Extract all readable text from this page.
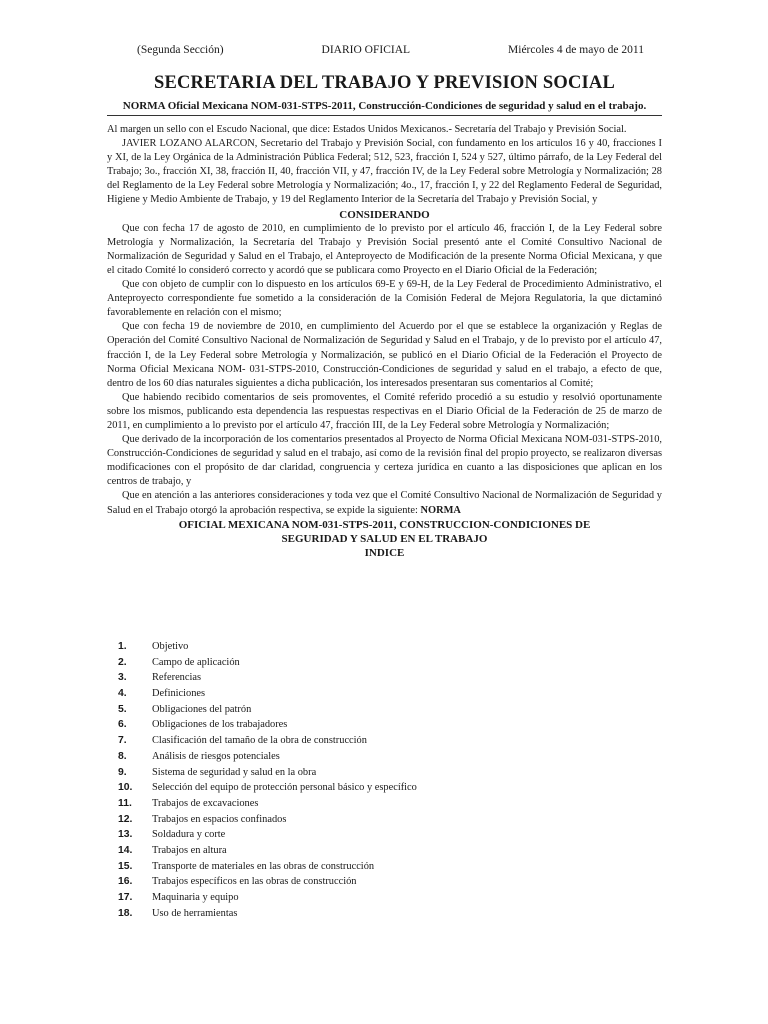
(Segunda Sección)	DIARIO OFICIAL	Miércoles 4 de mayo de 2011
SECRETARIA DEL TRABAJO Y PREVISION SOCIAL
NORMA Oficial Mexicana NOM-031-STPS-2011, Construcción-Condiciones de seguridad y salud en el trabajo.

Al margen un sello con el Escudo Nacional, que dice: Estados Unidos Mexicanos.- Secretaría del Trabajo y Previsión Social.

JAVIER LOZANO ALARCON, Secretario del Trabajo y Previsión Social, con fundamento en los artículos 16 y 40, fracciones I y XI, de la Ley Orgánica de la Administración Pública Federal; 512, 523, fracción I, 524 y 527, último párrafo, de la Ley Federal del Trabajo; 3o., fracción XI, 38, fracción II, 40, fracción VII, y 47, fracción IV, de la Ley Federal sobre Metrología y Normalización; 28 del Reglamento de la Ley Federal sobre Metrología y Normalización; 4o., 17, fracción I, y 22 del Reglamento Federal de Seguridad, Higiene y Medio Ambiente de Trabajo, y 19 del Reglamento Interior de la Secretaría del Trabajo y Previsión Social, y

CONSIDERANDO

Que con fecha 17 de agosto de 2010, en cumplimiento de lo previsto por el artículo 46, fracción I, de la Ley Federal sobre Metrología y Normalización, la Secretaría del Trabajo y Previsión Social presentó ante el Comité Consultivo Nacional de Normalización de Seguridad y Salud en el Trabajo, el Anteproyecto de Modificación de la presente Norma Oficial Mexicana, y que el citado Comité lo consideró correcto y acordó que se publicara como Proyecto en el Diario Oficial de la Federación;

Que con objeto de cumplir con lo dispuesto en los artículos 69-E y 69-H, de la Ley Federal de Procedimiento Administrativo, el Anteproyecto correspondiente fue sometido a la consideración de la Comisión Federal de Mejora Regulatoria, la que dictaminó favorablemente en relación con el mismo;

Que con fecha 19 de noviembre de 2010, en cumplimiento del Acuerdo por el que se establece la organización y Reglas de Operación del Comité Consultivo Nacional de Normalización de Seguridad y Salud en el Trabajo, y de lo previsto por el artículo 47, fracción I, de la Ley Federal sobre Metrología y Normalización, se publicó en el Diario Oficial de la Federación el Proyecto de Norma Oficial Mexicana NOM- 031-STPS-2010, Construcción-Condiciones de seguridad y salud en el trabajo, a efecto de que, dentro de los 60 días naturales siguientes a dicha publicación, los interesados presentaran sus comentarios al Comité;

Que habiendo recibido comentarios de seis promoventes, el Comité referido procedió a su estudio y resolvió oportunamente sobre los mismos, publicando esta dependencia las respuestas respectivas en el Diario Oficial de la Federación de 25 de marzo de 2011, en cumplimiento a lo previsto por el artículo 47, fracción III, de la Ley Federal sobre Metrología y Normalización;

Que derivado de la incorporación de los comentarios presentados al Proyecto de Norma Oficial Mexicana NOM-031-STPS-2010, Construcción-Condiciones de seguridad y salud en el trabajo, así como de la revisión final del propio proyecto, se realizaron diversas modificaciones con el propósito de dar claridad, congruencia y certeza jurídica en cuanto a las disposiciones que aplican en los centros de trabajo, y

Que en atención a las anteriores consideraciones y toda vez que el Comité Consultivo Nacional de Normalización de Seguridad y Salud en el Trabajo otorgó la aprobación respectiva, se expide la siguiente: NORMA

OFICIAL MEXICANA NOM-031-STPS-2011, CONSTRUCCION-CONDICIONES DE SEGURIDAD Y SALUD EN EL TRABAJO

INDICE

1.	Objetivo
2.	Campo de aplicación
3.	Referencias
4.	Definiciones
5.	Obligaciones del patrón
6.	Obligaciones de los trabajadores
7.	Clasificación del tamaño de la obra de construcción
8.	Análisis de riesgos potenciales
9.	Sistema de seguridad y salud en la obra
10.	Selección del equipo de protección personal básico y específico
11.	Trabajos de excavaciones
12.	Trabajos en espacios confinados
13.	Soldadura y corte
14.	Trabajos en altura
15.	Transporte de materiales en las obras de construcción
16.	Trabajos específicos en las obras de construcción
17.	Maquinaria y equipo
18.	Uso de herramientas
